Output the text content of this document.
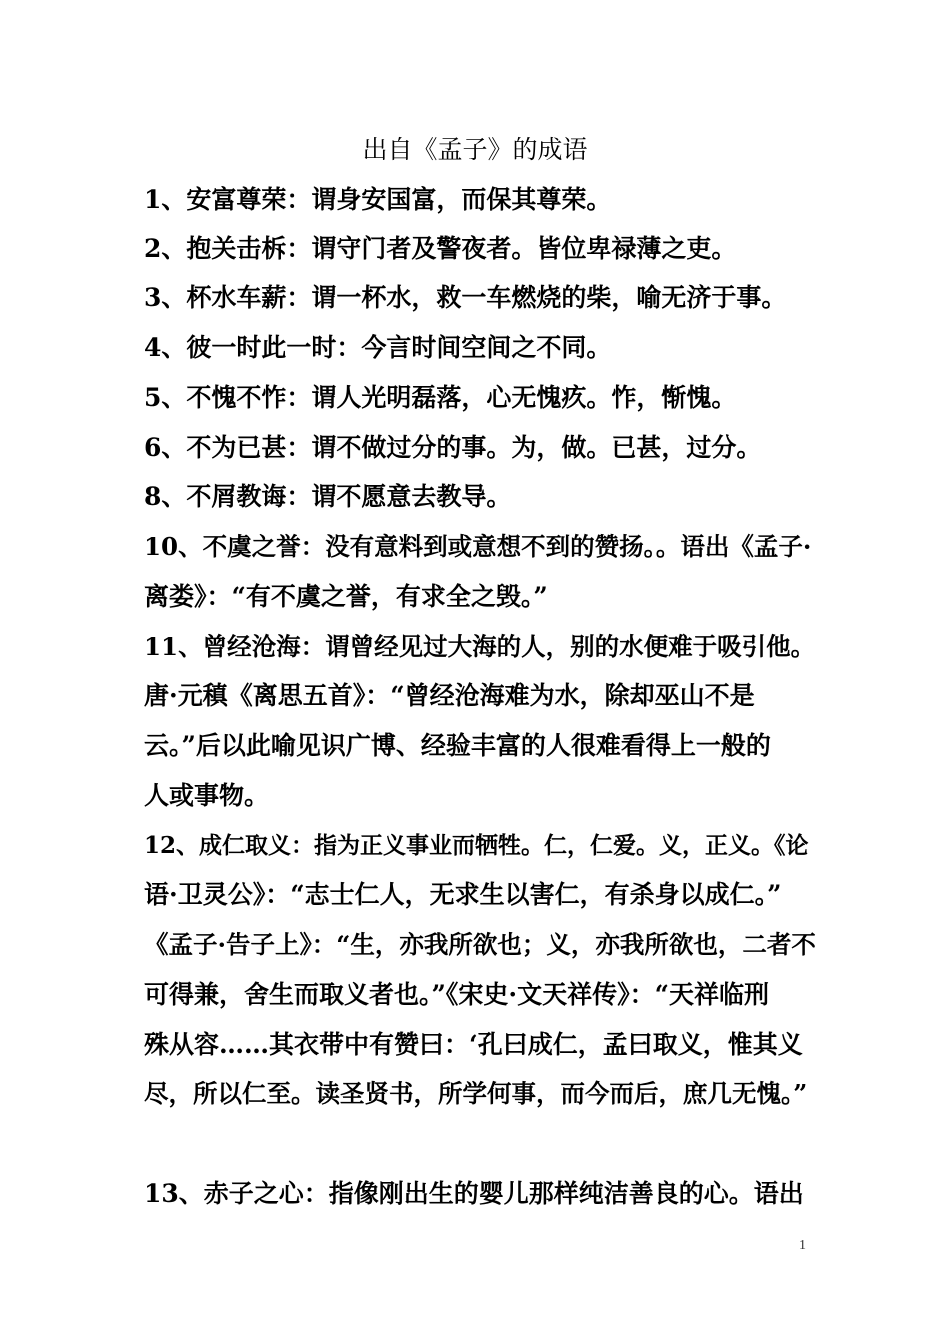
出自《孟子》的成语
1、安富尊荣：谓身安国富，而保其尊荣。
2、抱关击柝：谓守门者及警夜者。皆位卑禄薄之吏。
3、杯水车薪：谓一杯水，救一车燃烧的柴，喻无济于事。
4、彼一时此一时：今言时间空间之不同。
5、不愧不怍：谓人光明磊落，心无愧疚。怍，惭愧。
6、不为已甚：谓不做过分的事。为，做。已甚，过分。
8、不屑教诲：谓不愿意去教导。
10、不虞之誉：没有意料到或意想不到的赞扬。。语出《孟子·
离娄》：“有不虞之誉，有求全之毁。”
11、曾经沧海：谓曾经见过大海的人，别的水便难于吸引他。
唐·元稹《离思五首》：“曾经沧海难为水，除却巫山不是
云。”后以此喻见识广博、经验丰富的人很难看得上一般的
人或事物。
12、成仁取义：指为正义事业而牺牲。仁，仁爱。义，正义。《论
语·卫灵公》：“志士仁人，无求生以害仁，有杀身以成仁。”
《孟子·告子上》：“生，亦我所欲也；义，亦我所欲也，二者不
可得兼，舍生而取义者也。”《宋史·文天祥传》：“天祥临刑
殊从容……其衣带中有赞曰：‘孔曰成仁，孟曰取义，惟其义
尽，所以仁至。读圣贤书，所学何事，而今而后，庶几无愧。”
13、赤子之心：指像刚出生的婴儿那样纯洁善良的心。语出
1
